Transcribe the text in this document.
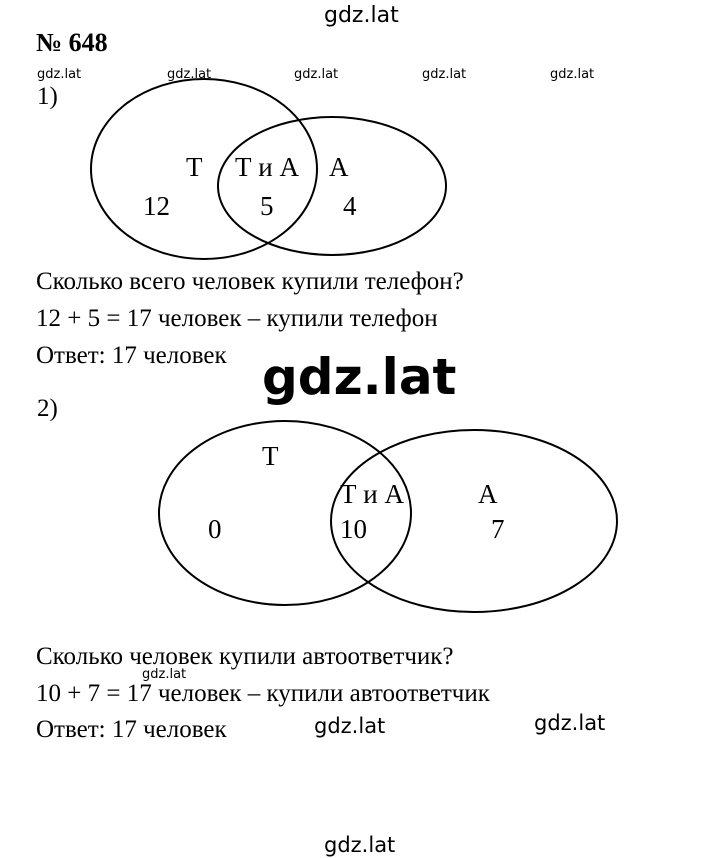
gdz.lat
№ 648
gdz.lat	gdz.lat	gdz.lat	gdz.lat	gdz.lat
1)
Т Т и А А
12	5	4
Сколько всего человек купили телефон?
12 + 5 = 17 человек – купили телефон
Ответ: 17 человек gdz.lat
2)
Т
Т и А	А
0	10	7
Сколько человек купили автоответчик?
gdz.lat
10 + 7 = 17 человек – купили автоответчик
Ответ: 17 человек	gdz.lat	gdz.lat
gdz.lat
